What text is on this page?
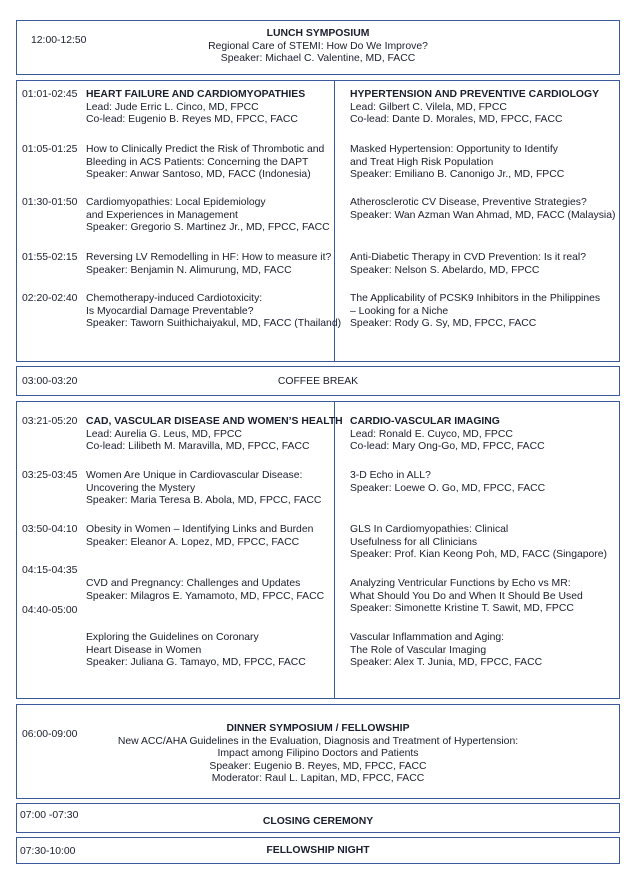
12:00-12:50
LUNCH SYMPOSIUM
Regional Care of STEMI: How Do We Improve?
Speaker: Michael C. Valentine, MD, FACC
01:01-02:45 HEART FAILURE AND CARDIOMYOPATHIES
Lead: Jude Erric L. Cinco, MD, FPCC
Co-lead: Eugenio B. Reyes MD, FPCC, FACC
01:05-01:25 How to Clinically Predict the Risk of Thrombotic and
Bleeding in ACS Patients: Concerning the DAPT
Speaker: Anwar Santoso, MD, FACC (Indonesia)
01:30-01:50 Cardiomyopathies: Local Epidemiology
and Experiences in Management
Speaker: Gregorio S. Martinez Jr., MD, FPCC, FACC
01:55-02:15 Reversing LV Remodelling in HF: How to measure it?
Speaker: Benjamin N. Alimurung, MD, FACC
02:20-02:40 Chemotherapy-induced Cardiotoxicity:
Is Myocardial Damage Preventable?
Speaker: Taworn Suithichaiyakul, MD, FACC (Thailand)
HYPERTENSION AND PREVENTIVE CARDIOLOGY
Lead: Gilbert C. Vilela, MD, FPCC
Co-lead: Dante D. Morales, MD, FPCC, FACC
Masked Hypertension: Opportunity to Identify
and Treat High Risk Population
Speaker: Emiliano B. Canonigo Jr., MD, FPCC
Atherosclerotic CV Disease, Preventive Strategies?
Speaker: Wan Azman Wan Ahmad, MD, FACC (Malaysia)
Anti-Diabetic Therapy in CVD Prevention: Is it real?
Speaker: Nelson S. Abelardo, MD, FPCC
The Applicability of PCSK9 Inhibitors in the Philippines
– Looking for a Niche
Speaker: Rody G. Sy, MD, FPCC, FACC
03:00-03:20	COFFEE BREAK
03:21-05:20 CAD, VASCULAR DISEASE AND WOMEN’S HEALTH
Lead: Aurelia G. Leus, MD, FPCC
Co-lead: Lilibeth M. Maravilla, MD, FPCC, FACC
03:25-03:45 Women Are Unique in Cardiovascular Disease:
Uncovering the Mystery
Speaker: Maria Teresa B. Abola, MD, FPCC, FACC
03:50-04:10 Obesity in Women – Identifying Links and Burden
Speaker: Eleanor A. Lopez, MD, FPCC, FACC
04:15-04:35
CVD and Pregnancy: Challenges and Updates
Speaker: Milagros E. Yamamoto, MD, FPCC, FACC
04:40-05:00
Exploring the Guidelines on Coronary
Heart Disease in Women
Speaker: Juliana G. Tamayo, MD, FPCC, FACC
CARDIO-VASCULAR IMAGING
Lead: Ronald E. Cuyco, MD, FPCC
Co-lead: Mary Ong-Go, MD, FPCC, FACC
3-D Echo in ALL?
Speaker: Loewe O. Go, MD, FPCC, FACC
GLS In Cardiomyopathies: Clinical
Usefulness for all Clinicians
Speaker: Prof. Kian Keong Poh, MD, FACC (Singapore)
Analyzing Ventricular Functions by Echo vs MR:
What Should You Do and When It Should Be Used
Speaker: Simonette Kristine T. Sawit, MD, FPCC
Vascular Inflammation and Aging:
The Role of Vascular Imaging
Speaker: Alex T. Junia, MD, FPCC, FACC
06:00-09:00
DINNER SYMPOSIUM / FELLOWSHIP
New ACC/AHA Guidelines in the Evaluation, Diagnosis and Treatment of Hypertension:
Impact among Filipino Doctors and Patients
Speaker: Eugenio B. Reyes, MD, FPCC, FACC
Moderator: Raul L. Lapitan, MD, FPCC, FACC
07:00 -07:30
CLOSING CEREMONY
07:30-10:00	FELLOWSHIP NIGHT
